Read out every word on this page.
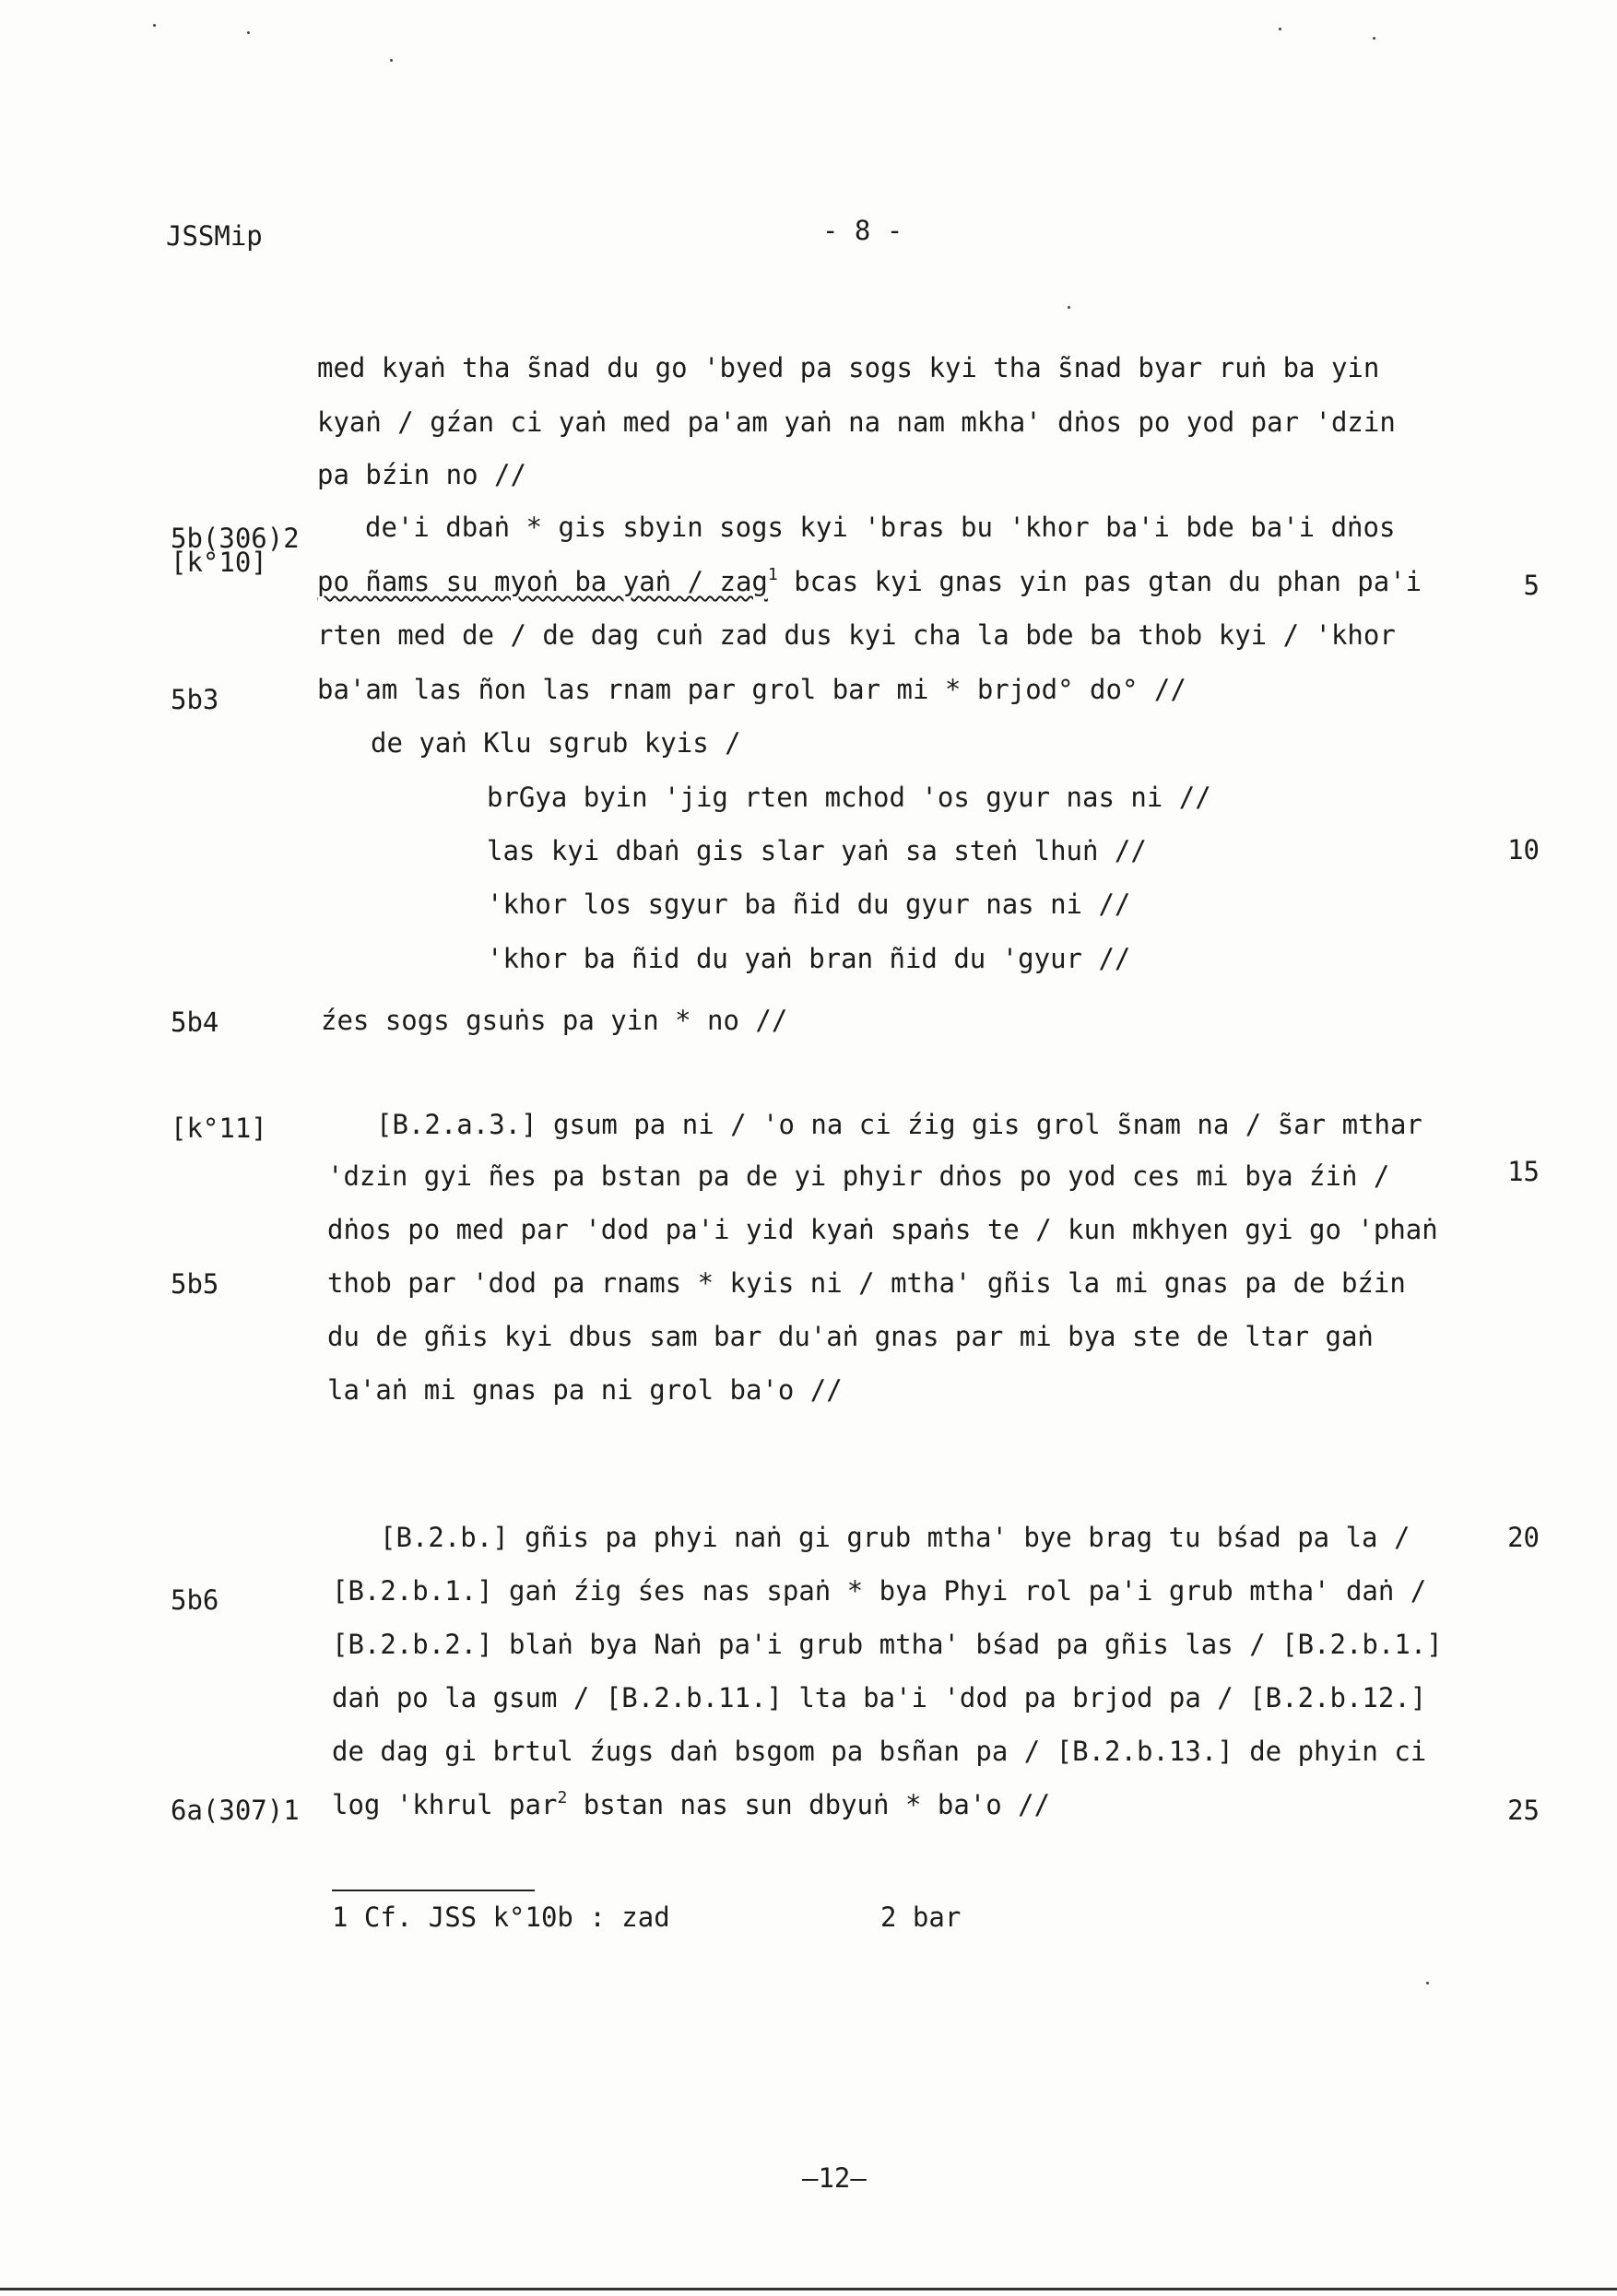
JSSMip	- 8 -
5b(306)2
[k°10]
5b3
5b4
[k°11]
5b5
5b6
6a(307)1
5
10
15
20
25
med kyaṅ tha s̃nad du go 'byed pa sogs kyi tha s̃nad byar ruṅ ba yin
kyaṅ / gźan ci yaṅ med pa'am yaṅ na nam mkha' dṅos po yod par 'dzin
pa bźin no //
de'i dbaṅ * gis sbyin sogs kyi 'bras bu 'khor ba'i bde ba'i dṅos
po ñams su myoṅ ba yaṅ / zag$^1$ bcas kyi gnas yin pas gtan du phan pa'i
rten med de / de dag cuṅ zad dus kyi cha la bde ba thob kyi / 'khor
ba'am las ñon las rnam par grol bar mi * brjod° do° //
de yaṅ Klu sgrub kyis /
brGya byin 'jig rten mchod 'os gyur nas ni //
las kyi dbaṅ gis slar yaṅ sa steṅ lhuṅ //
'khor los sgyur ba ñid du gyur nas ni //
'khor ba ñid du yaṅ bran ñid du 'gyur //
źes sogs gsuṅs pa yin * no //
[B.2.a.3.] gsum pa ni / 'o na ci źig gis grol s̃nam na / s̃ar mthar
'dzin gyi ñes pa bstan pa de yi phyir dṅos po yod ces mi bya źiṅ /
dṅos po med par 'dod pa'i yid kyaṅ spaṅs te / kun mkhyen gyi go 'phaṅ
thob par 'dod pa rnams * kyis ni / mtha' gñis la mi gnas pa de bźin
du de gñis kyi dbus sam bar du'aṅ gnas par mi bya ste de ltar gaṅ
la'aṅ mi gnas pa ni grol ba'o //
[B.2.b.] gñis pa phyi naṅ gi grub mtha' bye brag tu bśad pa la /
[B.2.b.1.] gaṅ źig śes nas spaṅ * bya Phyi rol pa'i grub mtha' daṅ /
[B.2.b.2.] blaṅ bya Naṅ pa'i grub mtha' bśad pa gñis las / [B.2.b.1.]
daṅ po la gsum / [B.2.b.11.] lta ba'i 'dod pa brjod pa / [B.2.b.12.]
de dag gi brtul źugs daṅ bsgom pa bsñan pa / [B.2.b.13.] de phyin ci
log 'khrul par$^2$ bstan nas sun dbyuṅ * ba'o //
1 Cf. JSS k°10b : zad	2 bar
—12—
